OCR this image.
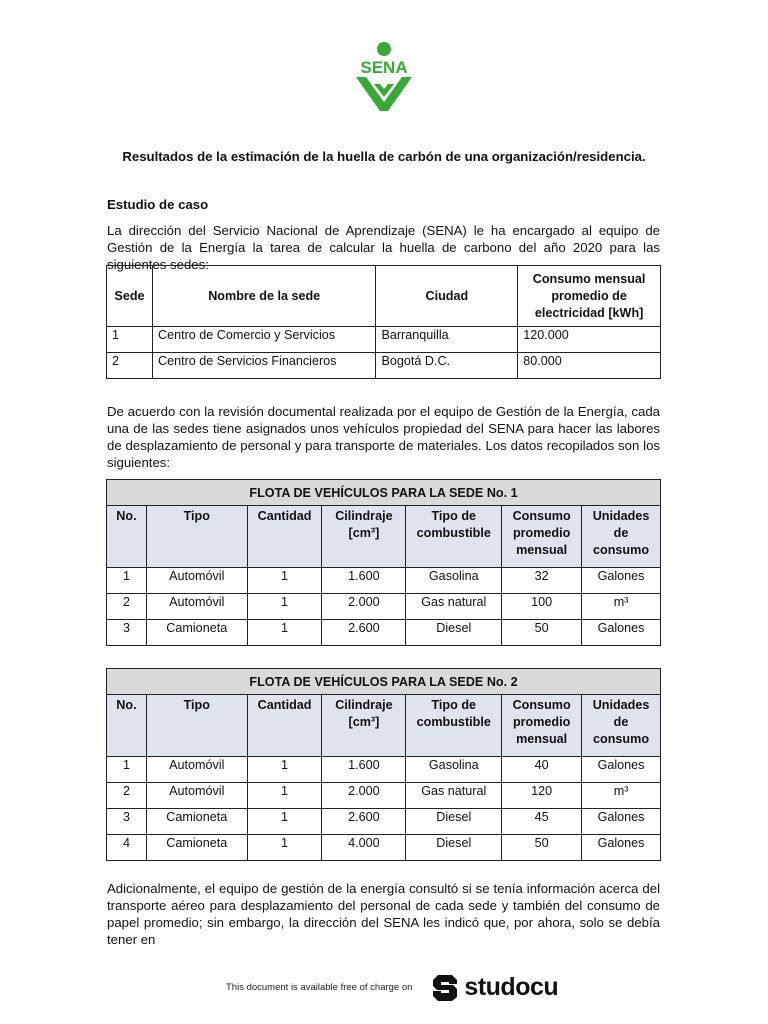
SENA
Resultados de la estimación de la huella de carbón de una organización/residencia.
Estudio de caso
La dirección del Servicio Nacional de Aprendizaje (SENA) le ha encargado al equipo de Gestión de la Energía la tarea de calcular la huella de carbono del año 2020 para las siguientes sedes:
Sede	Nombre de la sede	Ciudad	Consumo mensual promedio de electricidad [kWh]
1	Centro de Comercio y Servicios	Barranquilla	120.000
2	Centro de Servicios Financieros	Bogotá D.C.	80.000
De acuerdo con la revisión documental realizada por el equipo de Gestión de la Energía, cada una de las sedes tiene asignados unos vehículos propiedad del SENA para hacer las labores de desplazamiento de personal y para transporte de materiales. Los datos recopilados son los siguientes:
FLOTA DE VEHÍCULOS PARA LA SEDE No. 1						
No.	Tipo	Cantidad	Cilindraje [cm³]	Tipo de combustible	Consumo promedio mensual	Unidades de consumo
1	Automóvil	1	1.600	Gasolina	32	Galones
2	Automóvil	1	2.000	Gas natural	100	m³
3	Camioneta	1	2.600	Diesel	50	Galones
FLOTA DE VEHÍCULOS PARA LA SEDE No. 2						
No.	Tipo	Cantidad	Cilindraje [cm³]	Tipo de combustible	Consumo promedio mensual	Unidades de consumo
1	Automóvil	1	1.600	Gasolina	40	Galones
2	Automóvil	1	2.000	Gas natural	120	m³
3	Camioneta	1	2.600	Diesel	45	Galones
4	Camioneta	1	4.000	Diesel	50	Galones
Adicionalmente, el equipo de gestión de la energía consultó si se tenía información acerca del transporte aéreo para desplazamiento del personal de cada sede y también del consumo de papel promedio; sin embargo, la dirección del SENA les indicó que, por ahora, solo se debía tener en
This document is available free of charge on studocu
